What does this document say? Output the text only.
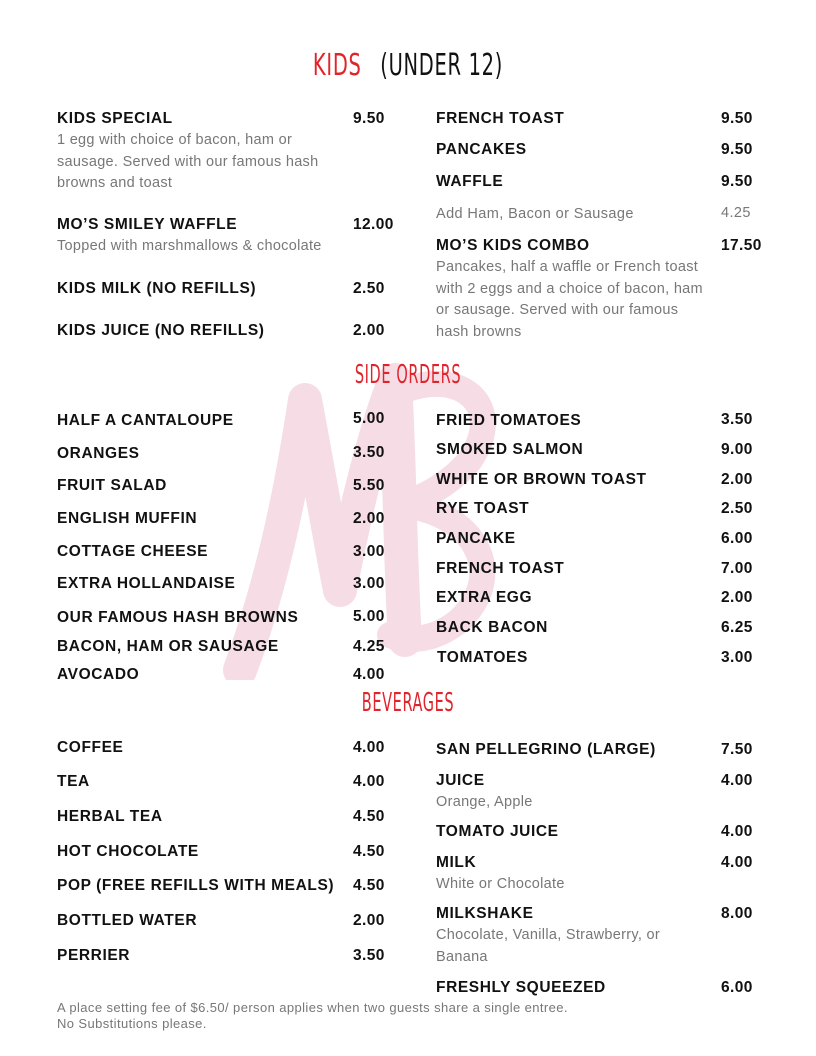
KIDS (UNDER 12)
SIDE ORDERS
BEVERAGES
KIDS SPECIAL	9.50
1 egg with choice of bacon, ham or
sausage. Served with our famous hash
browns and toast
MO’S SMILEY WAFFLE	12.00
Topped with marshmallows & chocolate
KIDS MILK (NO REFILLS)	2.50
KIDS JUICE (NO REFILLS)	2.00
FRENCH TOAST	9.50
PANCAKES	9.50
WAFFLE	9.50
Add Ham, Bacon or Sausage	4.25
MO’S KIDS COMBO	17.50
Pancakes, half a waffle or French toast
with 2 eggs and a choice of bacon, ham
or sausage. Served with our famous
hash browns
HALF A CANTALOUPE	5.00
ORANGES	3.50
FRUIT SALAD	5.50
ENGLISH MUFFIN	2.00
COTTAGE CHEESE	3.00
EXTRA HOLLANDAISE	3.00
OUR FAMOUS HASH BROWNS	5.00
BACON, HAM OR SAUSAGE	4.25
AVOCADO	4.00
FRIED TOMATOES	3.50
SMOKED SALMON	9.00
WHITE OR BROWN TOAST	2.00
RYE TOAST	2.50
PANCAKE	6.00
FRENCH TOAST	7.00
EXTRA EGG	2.00
BACK BACON	6.25
TOMATOES	3.00
COFFEE	4.00
TEA	4.00
HERBAL TEA	4.50
HOT CHOCOLATE	4.50
POP (FREE REFILLS WITH MEALS) 4.50
BOTTLED WATER	2.00
PERRIER	3.50
SAN PELLEGRINO (LARGE)	7.50
JUICE	4.00
Orange, Apple
TOMATO JUICE	4.00
MILK	4.00
White or Chocolate
MILKSHAKE	8.00
Chocolate, Vanilla, Strawberry, or
Banana
FRESHLY SQUEEZED	6.00
A place setting fee of $6.50/ person applies when two guests share a single entree.
No Substitutions please.
